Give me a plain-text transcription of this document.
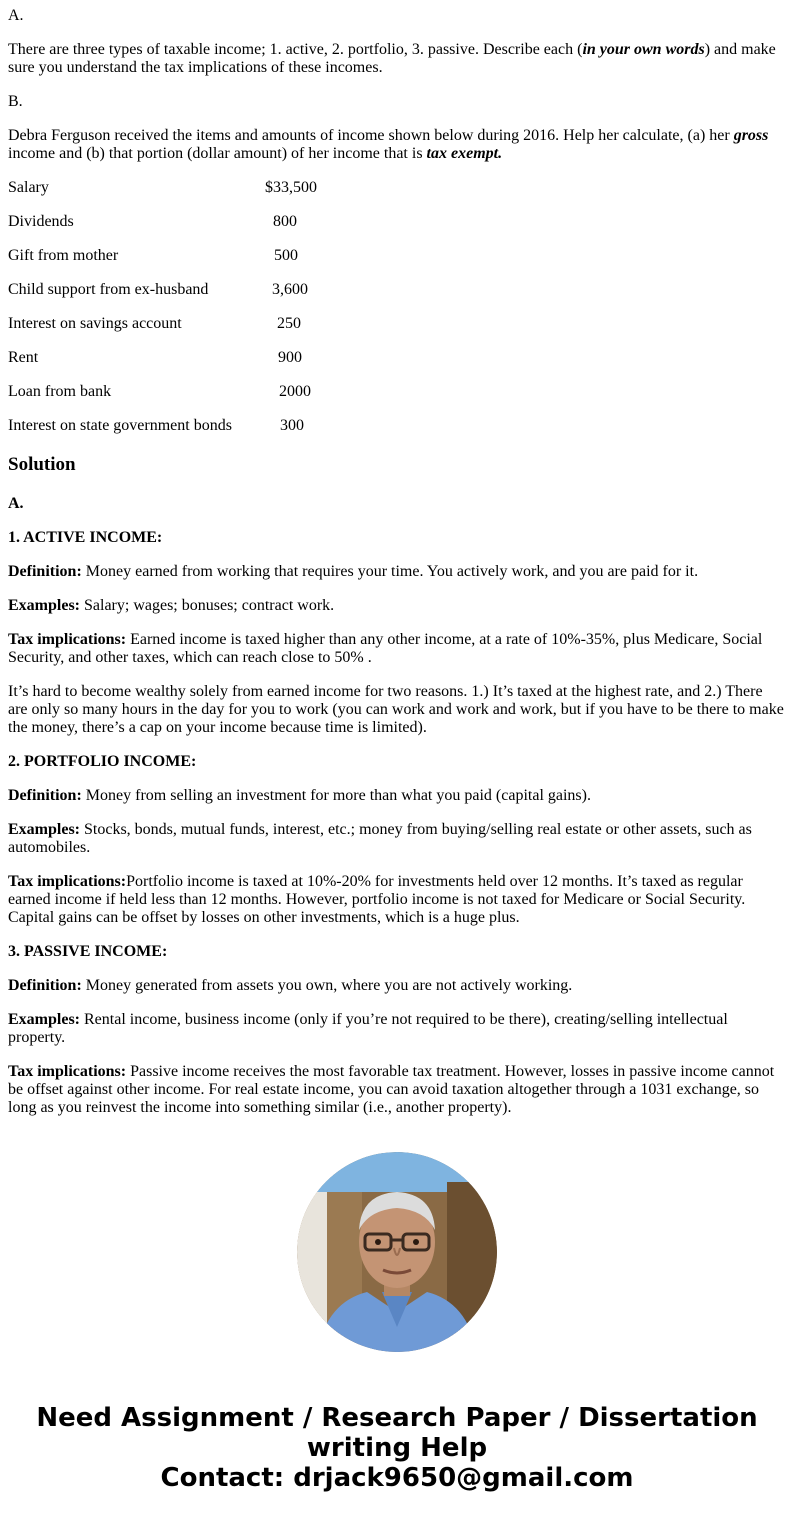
A.

There are three types of taxable income; 1. active, 2. portfolio, 3. passive. Describe each (in your own words) and make sure you understand the tax implications of these incomes.

B.

Debra Ferguson received the items and amounts of income shown below during 2016. Help her calculate, (a) her gross income and (b) that portion (dollar amount) of her income that is tax exempt.

Salary	$33,500
Dividends	800
Gift from mother	500
Child support from ex-husband	3,600
Interest on savings account	250
Rent	900
Loan from bank	2000
Interest on state government bonds	300
Solution

A.

1. ACTIVE INCOME:

Definition: Money earned from working that requires your time. You actively work, and you are paid for it.

Examples: Salary; wages; bonuses; contract work.

Tax implications: Earned income is taxed higher than any other income, at a rate of 10%-35%, plus Medicare, Social Security, and other taxes, which can reach close to 50% .

It’s hard to become wealthy solely from earned income for two reasons. 1.) It’s taxed at the highest rate, and 2.) There are only so many hours in the day for you to work (you can work and work and work, but if you have to be there to make the money, there’s a cap on your income because time is limited).

2. PORTFOLIO INCOME:

Definition: Money from selling an investment for more than what you paid (capital gains).

Examples: Stocks, bonds, mutual funds, interest, etc.; money from buying/selling real estate or other assets, such as automobiles.

Tax implications:Portfolio income is taxed at 10%-20% for investments held over 12 months. It’s taxed as regular earned income if held less than 12 months. However, portfolio income is not taxed for Medicare or Social Security. Capital gains can be offset by losses on other investments, which is a huge plus.

3. PASSIVE INCOME:

Definition: Money generated from assets you own, where you are not actively working.

Examples: Rental income, business income (only if you’re not required to be there), creating/selling intellectual property.

Tax implications: Passive income receives the most favorable tax treatment. However, losses in passive income cannot be offset against other income. For real estate income, you can avoid taxation altogether through a 1031 exchange, so long as you reinvest the income into something similar (i.e., another property).

Need Assignment / Research Paper / Dissertation writing Help
Contact: drjack9650@gmail.com
